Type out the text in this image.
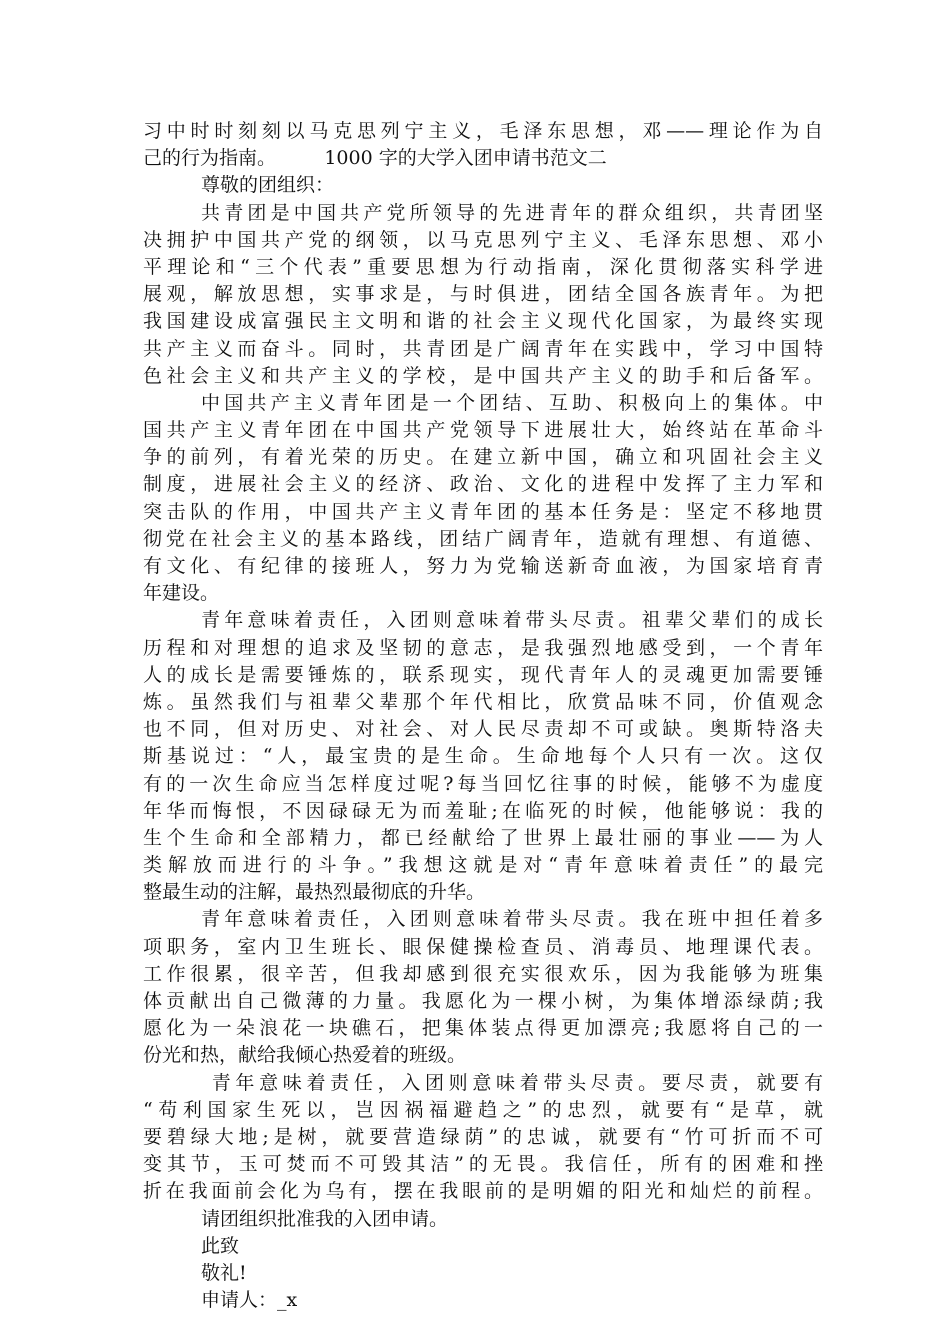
习中时时刻刻以马克思列宁主义，毛泽东思想，邓——理论作为自
己的行为指南。        1000 字的大学入团申请书范文二
尊敬的团组织：
共青团是中国共产党所领导的先进青年的群众组织，共青团坚
决拥护中国共产党的纲领，以马克思列宁主义、毛泽东思想、邓小
平理论和“三个代表”重要思想为行动指南，深化贯彻落实科学进
展观，解放思想，实事求是，与时俱进，团结全国各族青年。为把
我国建设成富强民主文明和谐的社会主义现代化国家，为最终实现
共产主义而奋斗。同时，共青团是广阔青年在实践中，学习中国特
色社会主义和共产主义的学校，是中国共产主义的助手和后备军。
中国共产主义青年团是一个团结、互助、积极向上的集体。中
国共产主义青年团在中国共产党领导下进展壮大，始终站在革命斗
争的前列，有着光荣的历史。在建立新中国，确立和巩固社会主义
制度，进展社会主义的经济、政治、文化的进程中发挥了主力军和
突击队的作用，中国共产主义青年团的基本任务是：坚定不移地贯
彻党在社会主义的基本路线，团结广阔青年，造就有理想、有道德、
有文化、有纪律的接班人，努力为党输送新奇血液，为国家培育青
年建设。
青年意味着责任，入团则意味着带头尽责。祖辈父辈们的成长
历程和对理想的追求及坚韧的意志，是我强烈地感受到，一个青年
人的成长是需要锤炼的，联系现实，现代青年人的灵魂更加需要锤
炼。虽然我们与祖辈父辈那个年代相比，欣赏品味不同，价值观念
也不同，但对历史、对社会、对人民尽责却不可或缺。奥斯特洛夫
斯基说过：“人，最宝贵的是生命。生命地每个人只有一次。这仅
有的一次生命应当怎样度过呢?每当回忆往事的时候，能够不为虚度
年华而悔恨，不因碌碌无为而羞耻;在临死的时候，他能够说：我的
生个生命和全部精力，都已经献给了世界上最壮丽的事业——为人
类解放而进行的斗争。”我想这就是对“青年意味着责任”的最完
整最生动的注解，最热烈最彻底的升华。
青年意味着责任，入团则意味着带头尽责。我在班中担任着多
项职务，室内卫生班长、眼保健操检查员、消毒员、地理课代表。
工作很累，很辛苦，但我却感到很充实很欢乐，因为我能够为班集
体贡献出自己微薄的力量。我愿化为一棵小树，为集体增添绿荫;我
愿化为一朵浪花一块礁石，把集体装点得更加漂亮;我愿将自己的一
份光和热，献给我倾心热爱着的班级。
青年意味着责任，入团则意味着带头尽责。要尽责，就要有
“苟利国家生死以，岂因祸福避趋之”的忠烈，就要有“是草，就
要碧绿大地;是树，就要营造绿荫”的忠诚，就要有“竹可折而不可
变其节，玉可焚而不可毁其洁”的无畏。我信任，所有的困难和挫
折在我面前会化为乌有，摆在我眼前的是明媚的阳光和灿烂的前程。
请团组织批准我的入团申请。
此致
敬礼!
申请人：_x
